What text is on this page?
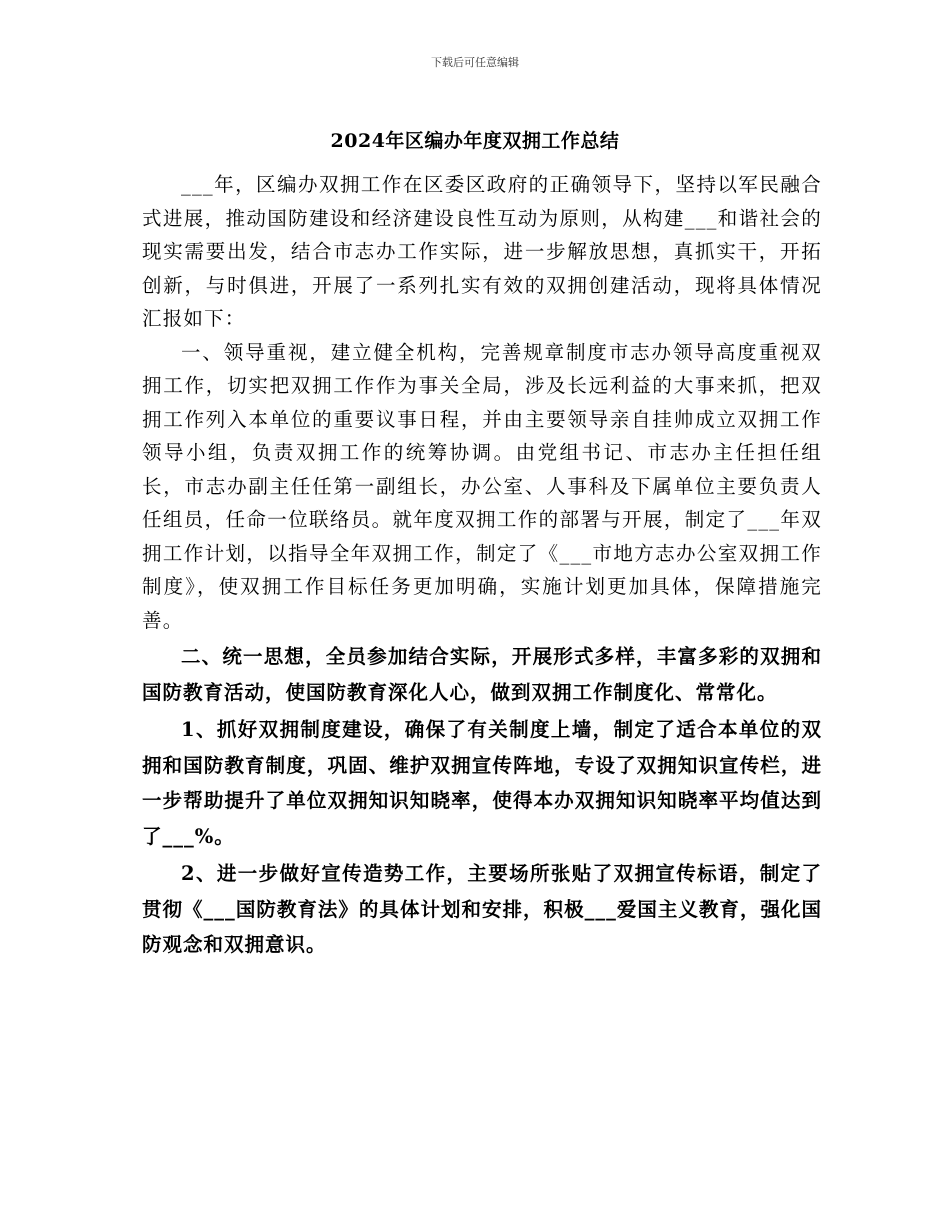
下载后可任意编辑
2024年区编办年度双拥工作总结

___年，区编办双拥工作在区委区政府的正确领导下，坚持以军民融合式进展，推动国防建设和经济建设良性互动为原则，从构建___和谐社会的现实需要出发，结合市志办工作实际，进一步解放思想，真抓实干，开拓创新，与时俱进，开展了一系列扎实有效的双拥创建活动，现将具体情况汇报如下：

一、领导重视，建立健全机构，完善规章制度市志办领导高度重视双拥工作，切实把双拥工作作为事关全局，涉及长远利益的大事来抓，把双拥工作列入本单位的重要议事日程，并由主要领导亲自挂帅成立双拥工作领导小组，负责双拥工作的统筹协调。由党组书记、市志办主任担任组长，市志办副主任任第一副组长，办公室、人事科及下属单位主要负责人任组员，任命一位联络员。就年度双拥工作的部署与开展，制定了___年双拥工作计划，以指导全年双拥工作，制定了《___市地方志办公室双拥工作制度》，使双拥工作目标任务更加明确，实施计划更加具体，保障措施完善。

二、统一思想，全员参加结合实际，开展形式多样，丰富多彩的双拥和国防教育活动，使国防教育深化人心，做到双拥工作制度化、常常化。

1、抓好双拥制度建设，确保了有关制度上墙，制定了适合本单位的双拥和国防教育制度，巩固、维护双拥宣传阵地，专设了双拥知识宣传栏，进一步帮助提升了单位双拥知识知晓率，使得本办双拥知识知晓率平均值达到了___%。

2、进一步做好宣传造势工作，主要场所张贴了双拥宣传标语，制定了贯彻《___国防教育法》的具体计划和安排，积极___爱国主义教育，强化国防观念和双拥意识。
